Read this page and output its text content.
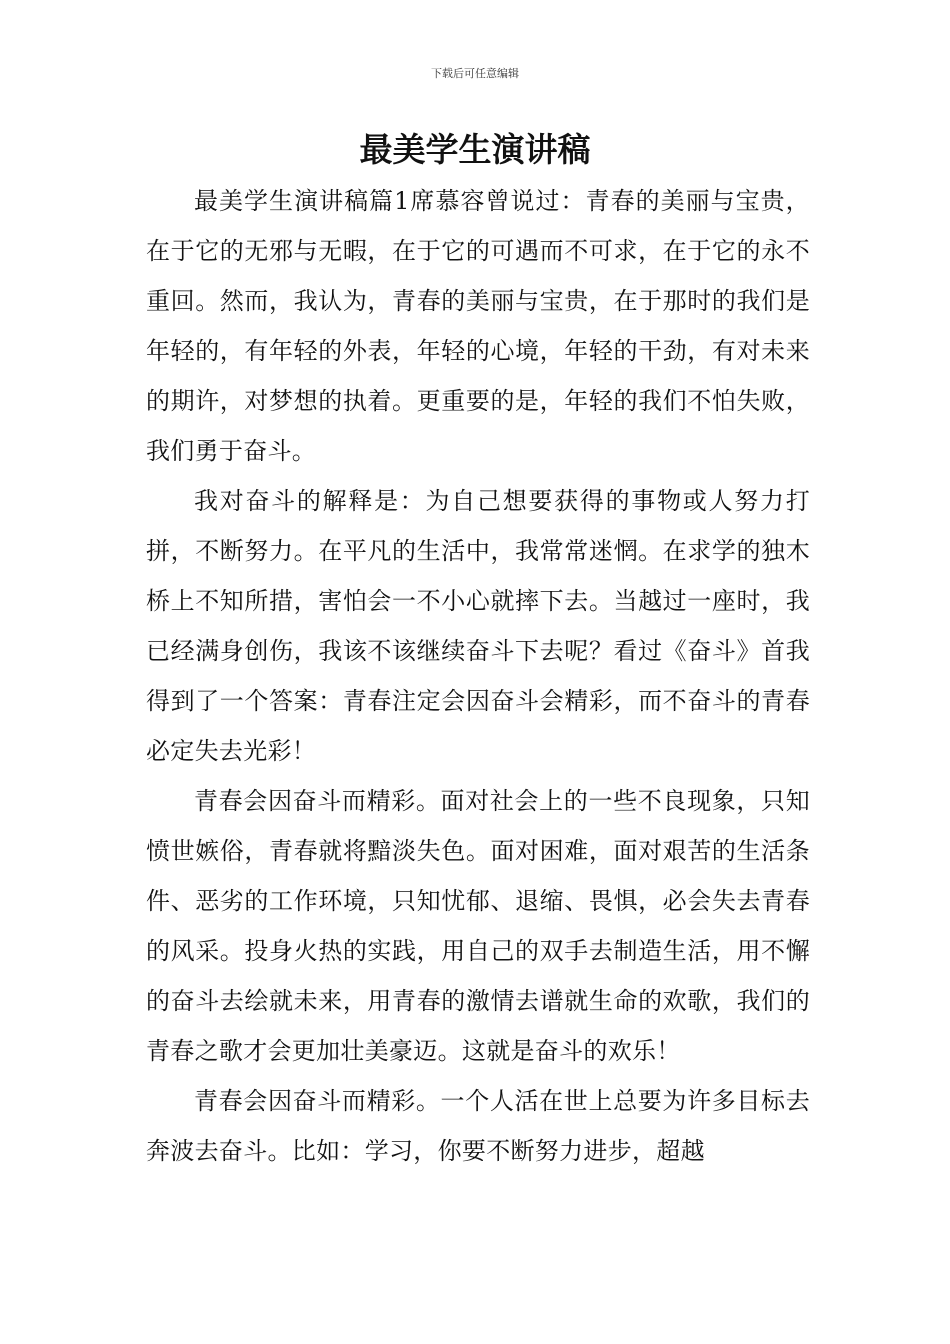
下载后可任意编辑
最美学生演讲稿

最美学生演讲稿篇1席慕容曾说过：青春的美丽与宝贵，在于它的无邪与无暇，在于它的可遇而不可求，在于它的永不重回。然而，我认为，青春的美丽与宝贵，在于那时的我们是年轻的，有年轻的外表，年轻的心境，年轻的干劲，有对未来的期许，对梦想的执着。更重要的是，年轻的我们不怕失败，我们勇于奋斗。

我对奋斗的解释是：为自己想要获得的事物或人努力打拼，不断努力。在平凡的生活中，我常常迷惘。在求学的独木桥上不知所措，害怕会一不小心就摔下去。当越过一座时，我已经满身创伤，我该不该继续奋斗下去呢？看过《奋斗》首我得到了一个答案：青春注定会因奋斗会精彩，而不奋斗的青春必定失去光彩！

青春会因奋斗而精彩。面对社会上的一些不良现象，只知愤世嫉俗，青春就将黯淡失色。面对困难，面对艰苦的生活条件、恶劣的工作环境，只知忧郁、退缩、畏惧，必会失去青春的风采。投身火热的实践，用自己的双手去制造生活，用不懈的奋斗去绘就未来，用青春的激情去谱就生命的欢歌，我们的青春之歌才会更加壮美豪迈。这就是奋斗的欢乐！

青春会因奋斗而精彩。一个人活在世上总要为许多目标去奔波去奋斗。比如：学习，你要不断努力进步，超越
